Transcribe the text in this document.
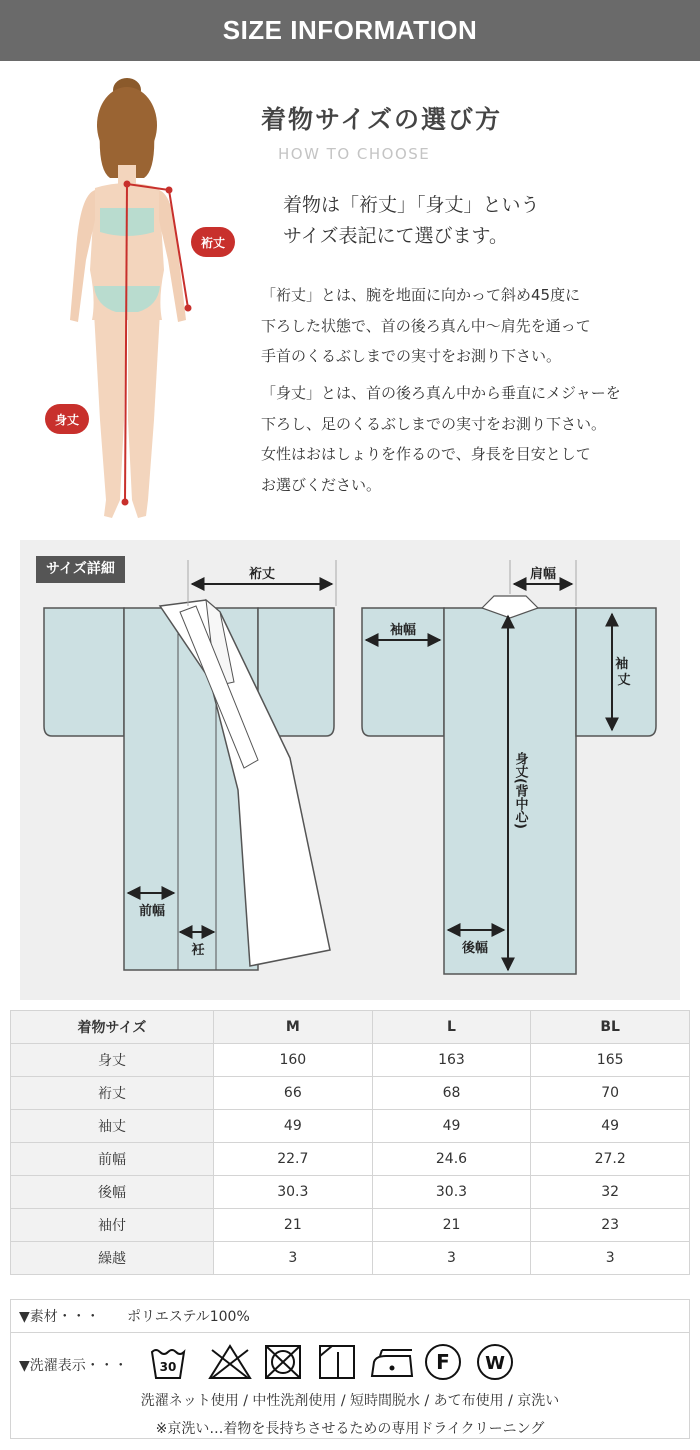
SIZE INFORMATION
裄丈
身丈
着物サイズの選び方
HOW TO CHOOSE
着物は「裄丈」「身丈」という
サイズ表記にて選びます。
「裄丈」とは、腕を地面に向かって斜め45度に
下ろした状態で、首の後ろ真ん中～肩先を通って
手首のくるぶしまでの実寸をお測り下さい。
「身丈」とは、首の後ろ真ん中から垂直にメジャーを
下ろし、足のくるぶしまでの実寸をお測り下さい。
女性はおはしょりを作るので、身長を目安として
お選びください。
裄丈
前幅
衽
肩幅
袖幅
袖 丈
身丈(背中心)
後幅
サイズ詳細
着物サイズ	M	L	BL
身丈	160	163	165
裄丈	66	68	70
袖丈	49	49	49
前幅	22.7	24.6	27.2
後幅	30.3	30.3	32
袖付	21	21	23
繰越	3	3	3
▼素材・・・	ポリエステル100%
▼洗濯表示・・・	30	F W
洗濯ネット使用 / 中性洗剤使用 / 短時間脱水 / あて布使用 / 京洗い
※京洗い…着物を長持ちさせるための専用ドライクリーニング
